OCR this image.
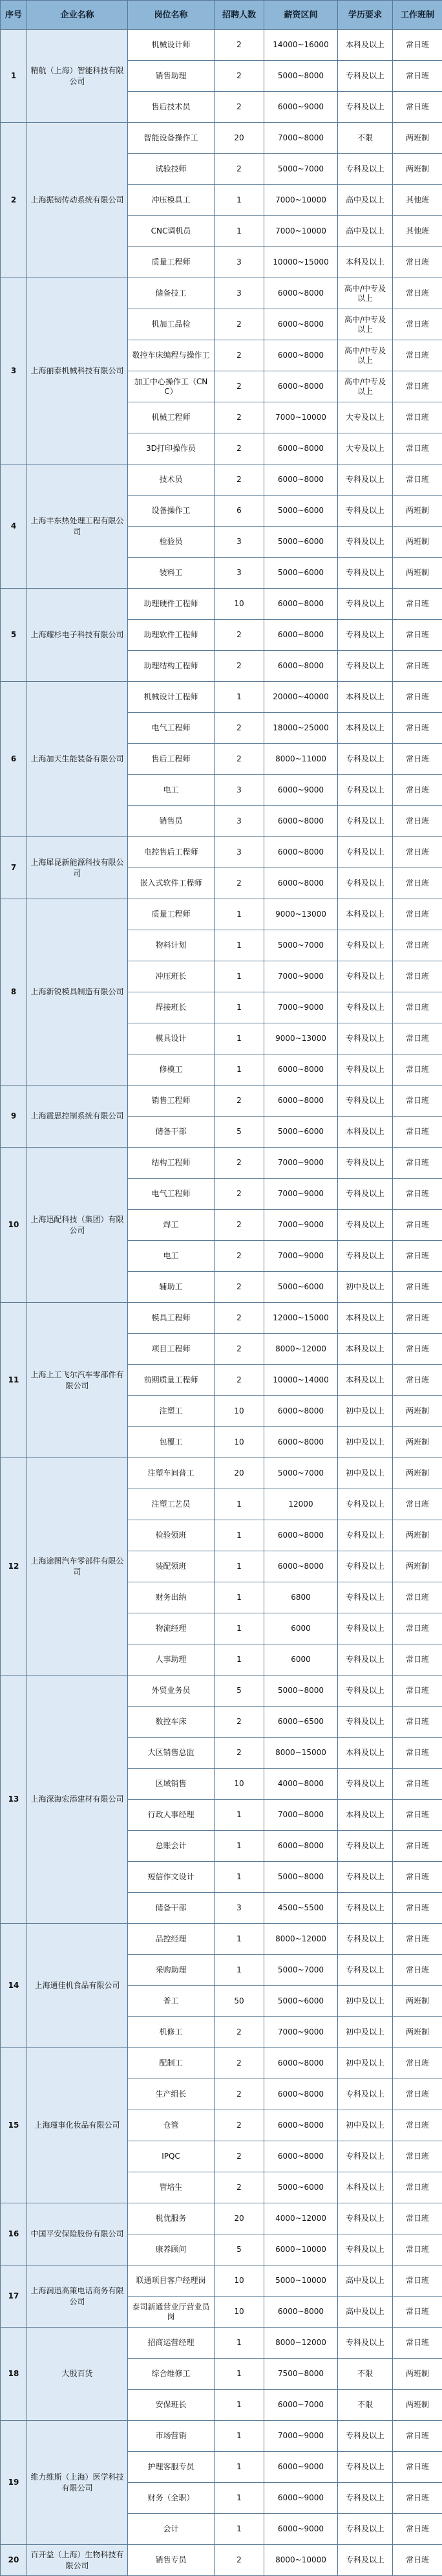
序号	企业名称	岗位名称	招聘人数	薪资区间	学历要求	工作班制
1	精航（上海）智能科技有限公司	机械设计师	2	14000~16000	本科及以上	常日班
		销售助理	2	5000~8000	专科及以上	常日班
		售后技术员	2	6000~9000	专科及以上	常日班
2	上海振韧传动系统有限公司	智能设备操作工	20	7000~8000	不限	两班制
		试验技师	2	5000~7000	专科及以上	两班制
		冲压模具工	1	7000~10000	高中及以上	其他班
		CNC调机员	1	7000~10000	高中及以上	其他班
		质量工程师	3	10000~15000	本科及以上	常日班
3	上海丽泰机械科技有限公司	储备技工	3	6000~8000	高中/中专及以上	常日班
		机加工品检	2	6000~8000	高中/中专及以上	常日班
		数控车床编程与操作工	2	6000~8000	高中/中专及以上	常日班
		加工中心操作工（CNC）	2	6000~8000	高中/中专及以上	常日班
		机械工程师	2	7000~10000	大专及以上	常日班
		3D打印操作员	2	6000~8000	大专及以上	常日班
4	上海丰东热处理工程有限公司	技术员	2	6000~8000	专科及以上	常日班
		设备操作工	6	5000~6000	专科及以上	两班制
		检验员	3	5000~6000	专科及以上	两班制
		装料工	3	5000~6000	专科及以上	两班制
5	上海耀杉电子科技有限公司	助理硬件工程师	10	6000~8000	专科及以上	常日班
		助理软件工程师	2	6000~8000	专科及以上	常日班
		助理结构工程师	2	6000~8000	专科及以上	常日班
6	上海加天生能装备有限公司	机械设计工程师	1	20000~40000	本科及以上	常日班
		电气工程师	2	18000~25000	本科及以上	常日班
		售后工程师	2	8000~11000	专科及以上	常日班
		电工	3	6000~9000	专科及以上	常日班
		销售员	3	6000~8000	专科及以上	常日班
7	上海犀昆新能源科技有限公司	电控售后工程师	3	6000~8000	专科及以上	常日班
		嵌入式软件工程师	2	6000~8000	专科及以上	常日班
8	上海新锐模具制造有限公司	质量工程师	1	9000~13000	本科及以上	常日班
		物料计划	1	5000~7000	专科及以上	常日班
		冲压班长	1	7000~9000	专科及以上	常日班
		焊接班长	1	7000~9000	专科及以上	常日班
		模具设计	1	9000~13000	专科及以上	常日班
		修模工	1	6000~8000	专科及以上	常日班
9	上海震思控制系统有限公司	销售工程师	2	6000~8000	专科及以上	常日班
		储备干部	5	5000~6000	本科及以上	常日班
10	上海迅配科技（集团）有限公司	结构工程师	2	7000~9000	专科及以上	常日班
		电气工程师	2	7000~9000	专科及以上	常日班
		焊工	2	7000~9000	专科及以上	常日班
		电工	2	7000~9000	专科及以上	常日班
		辅助工	2	5000~6000	初中及以上	常日班
11	上海上工飞尔汽车零部件有限公司	模具工程师	2	12000~15000	本科及以上	常日班
		项目工程师	2	8000~12000	本科及以上	常日班
		前期质量工程师	2	10000~14000	本科及以上	常日班
		注塑工	10	6000~8000	初中及以上	两班制
		包覆工	10	6000~8000	初中及以上	两班制
12	上海途图汽车零部件有限公司	注塑车间普工	20	5000~7000	初中及以上	两班制
		注塑工艺员	1	12000	专科及以上	常日班
		检验领班	1	6000~8000	专科及以上	两班制
		装配领班	1	6000~8000	专科及以上	两班制
		财务出纳	1	6800	专科及以上	常日班
		物流经理	1	6000	专科及以上	常日班
		人事助理	1	6000	专科及以上	常日班
13	上海深海宏添建材有限公司	外贸业务员	5	5000~8000	专科及以上	常日班
		数控车床	2	6000~6500	专科及以上	常日班
		大区销售总监	2	8000~15000	本科及以上	常日班
		区域销售	10	4000~8000	专科及以上	常日班
		行政人事经理	1	7000~8000	本科及以上	常日班
		总账会计	1	6000~8000	专科及以上	常日班
		短信作文设计	1	5000~8000	专科及以上	常日班
		储备干部	3	4500~5500	专科及以上	常日班
14	上海通佳机食品有限公司	品控经理	1	8000~12000	专科及以上	常日班
		采购助理	1	5000~7000	专科及以上	常日班
		普工	50	5000~6000	初中及以上	两班制
		机修工	2	7000~9000	初中及以上	两班制
15	上海瑾事化妆品有限公司	配制工	2	6000~8000	初中及以上	常日班
		生产组长	2	6000~8000	专科及以上	常日班
		仓管	2	6000~8000	初中及以上	常日班
		IPQC	2	6000~8000	专科及以上	常日班
		管培生	2	5000~6000	本科及以上	常日班
16	中国平安保险股份有限公司	税优服务	20	4000~12000	专科及以上	常日班
		康养顾问	5	6000~10000	专科及以上	常日班
17	上海润迅高策电话商务有限公司	联通项目客户经理岗	10	5000~10000	高中及以上	常日班
		泰司新通营业厅营业员岗	10	6000~8000	高中及以上	常日班
18	大殷百货	招商运营经理	1	8000~12000	专科及以上	常日班
		综合维修工	1	7500~8000	不限	两班制
		安保班长	1	6000~7000	不限	两班制
19	维力维斯（上海）医学科技有限公司	市场营销	1	7000~9000	专科及以上	常日班
		护理客服专员	1	6000~9000	专科及以上	常日班
		财务（全职）	1	6000~9000	专科及以上	常日班
		会计	1	6000~9000	专科及以上	常日班
20	百开益（上海）生物科技有限公司	销售专员	2	8000~10000	专科及以上	常日班
